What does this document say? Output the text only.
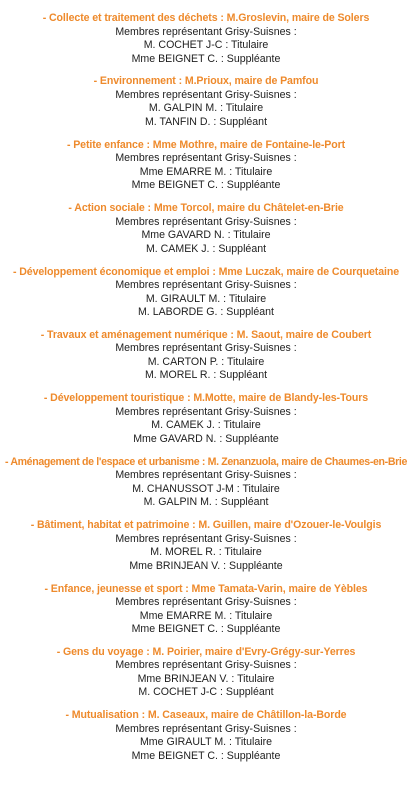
- Collecte et traitement des déchets : M.Groslevin, maire de Solers
Membres représentant Grisy-Suisnes :
M. COCHET J-C : Titulaire
Mme BEIGNET C. : Suppléante
- Environnement : M.Prioux, maire de Pamfou
Membres représentant Grisy-Suisnes :
M. GALPIN M. : Titulaire
M. TANFIN D. : Suppléant
- Petite enfance : Mme Mothre, maire de Fontaine-le-Port
Membres représentant Grisy-Suisnes :
Mme EMARRE M. : Titulaire
Mme BEIGNET C. : Suppléante
- Action sociale : Mme Torcol, maire du Châtelet-en-Brie
Membres représentant Grisy-Suisnes :
Mme GAVARD N. : Titulaire
M. CAMEK J. : Suppléant
- Développement économique et emploi : Mme Luczak, maire de Courquetaine
Membres représentant Grisy-Suisnes :
M. GIRAULT M. : Titulaire
M. LABORDE G. : Suppléant
- Travaux et aménagement numérique : M. Saout, maire de Coubert
Membres représentant Grisy-Suisnes :
M. CARTON P. : Titulaire
M. MOREL R. : Suppléant
- Développement touristique : M.Motte, maire de Blandy-les-Tours
Membres représentant Grisy-Suisnes :
M. CAMEK J. : Titulaire
Mme GAVARD N. : Suppléante
- Aménagement de l'espace et urbanisme : M. Zenanzuola, maire de Chaumes-en-Brie
Membres représentant Grisy-Suisnes :
M. CHANUSSOT J-M : Titulaire
M. GALPIN M. : Suppléant
- Bâtiment, habitat et patrimoine : M. Guillen, maire d'Ozouer-le-Voulgis
Membres représentant Grisy-Suisnes :
M. MOREL R. : Titulaire
Mme BRINJEAN V. : Suppléante
- Enfance, jeunesse et sport : Mme Tamata-Varin, maire de Yèbles
Membres représentant Grisy-Suisnes :
Mme EMARRE M. : Titulaire
Mme BEIGNET C. : Suppléante
- Gens du voyage : M. Poirier, maire d'Evry-Grégy-sur-Yerres
Membres représentant Grisy-Suisnes :
Mme BRINJEAN V. : Titulaire
M. COCHET J-C : Suppléant
- Mutualisation : M. Caseaux, maire de Châtillon-la-Borde
Membres représentant Grisy-Suisnes :
Mme GIRAULT M. : Titulaire
Mme BEIGNET C. : Suppléante
